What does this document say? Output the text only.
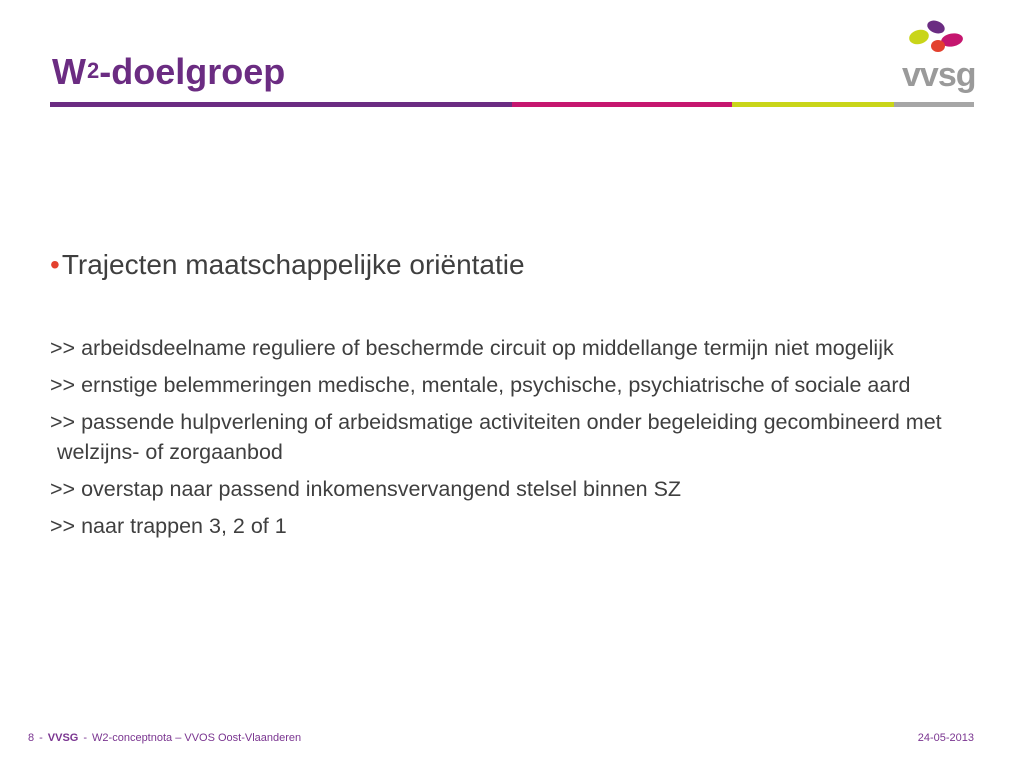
$W^2$-doelgroep	vvsg

•Trajecten maatschappelijke oriëntatie

>> arbeidsdeelname reguliere of beschermde circuit op middellange termijn niet mogelijk
>> ernstige belemmeringen medische, mentale, psychische, psychiatrische of sociale aard
>> passende hulpverlening of arbeidsmatige activiteiten onder begeleiding gecombineerd met welzijns- of zorgaanbod
>> overstap naar passend inkomensvervangend stelsel binnen SZ
>> naar trappen 3, 2 of 1
8 - VVSG - W2-conceptnota – VVOS Oost-Vlaanderen	24-05-2013
